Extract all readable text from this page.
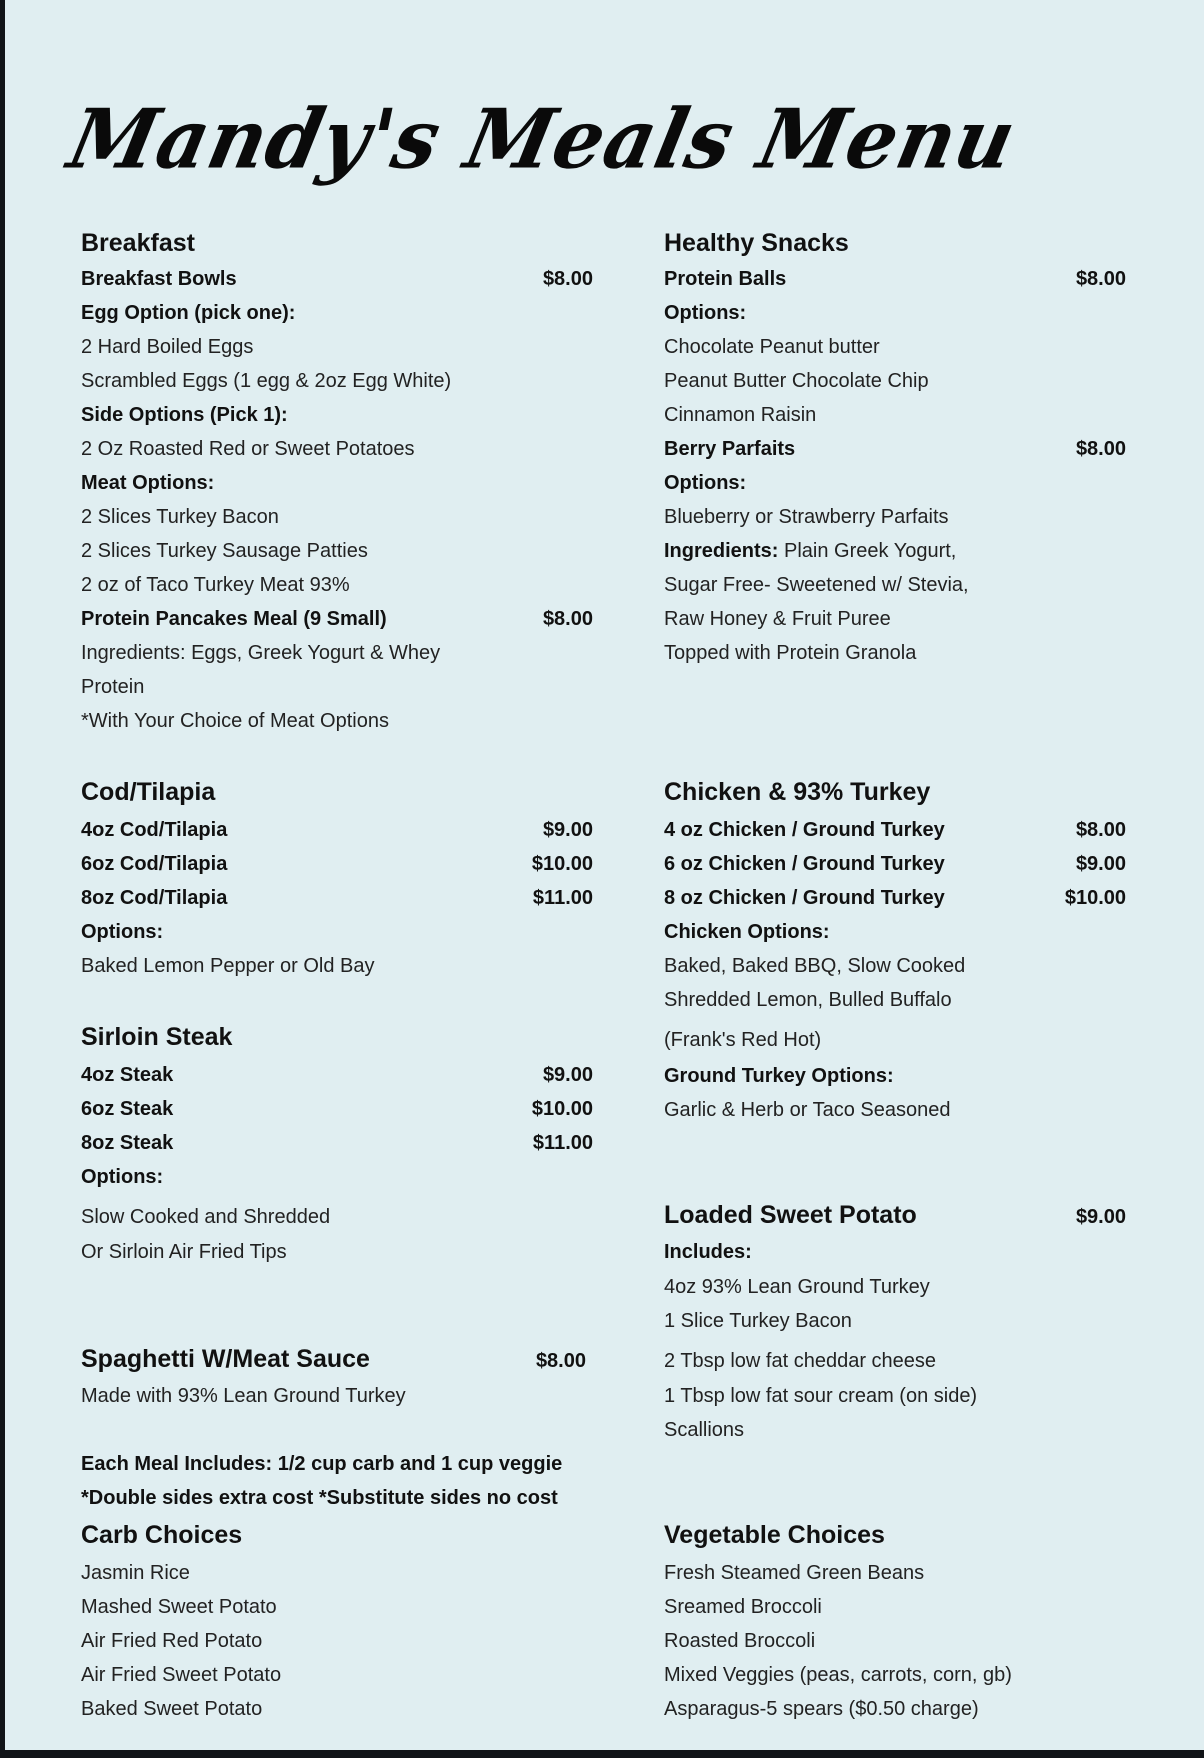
Mandy's Meals Menu
Breakfast
Breakfast Bowls	$8.00
Egg Option (pick one):
2 Hard Boiled Eggs
Scrambled Eggs (1 egg & 2oz Egg White)
Side Options (Pick 1):
2 Oz Roasted Red or Sweet Potatoes
Meat Options:
2 Slices Turkey Bacon
2 Slices Turkey Sausage Patties
2 oz of Taco Turkey Meat 93%
Protein Pancakes Meal (9 Small)	$8.00
Ingredients: Eggs, Greek Yogurt & Whey
Protein
*With Your Choice of Meat Options
Healthy Snacks
Protein Balls	$8.00
Options:
Chocolate Peanut butter
Peanut Butter Chocolate Chip
Cinnamon Raisin
Berry Parfaits	$8.00
Options:
Blueberry or Strawberry Parfaits
Ingredients: Plain Greek Yogurt,
Sugar Free- Sweetened w/ Stevia,
Raw Honey & Fruit Puree
Topped with Protein Granola
Cod/Tilapia
4oz Cod/Tilapia	$9.00
6oz Cod/Tilapia	$10.00
8oz Cod/Tilapia	$11.00
Options:
Baked Lemon Pepper or Old Bay
Chicken & 93% Turkey
4 oz Chicken / Ground Turkey	$8.00
6 oz Chicken / Ground Turkey	$9.00
8 oz Chicken / Ground Turkey	$10.00
Chicken Options:
Baked, Baked BBQ, Slow Cooked
Shredded Lemon, Bulled Buffalo
(Frank's Red Hot)
Ground Turkey Options:
Garlic & Herb or Taco Seasoned
Sirloin Steak
4oz Steak	$9.00
6oz Steak	$10.00
8oz Steak	$11.00
Options:
Slow Cooked and Shredded
Or Sirloin Air Fried Tips
Loaded Sweet Potato	$9.00
Includes:
4oz 93% Lean Ground Turkey
1 Slice Turkey Bacon
2 Tbsp low fat cheddar cheese
1 Tbsp low fat sour cream (on side)
Scallions
Spaghetti W/Meat Sauce	$8.00
Made with 93% Lean Ground Turkey
Each Meal Includes: 1/2 cup carb and 1 cup veggie
*Double sides extra cost *Substitute sides no cost
Carb Choices
Jasmin Rice
Mashed Sweet Potato
Air Fried Red Potato
Air Fried Sweet Potato
Baked Sweet Potato
Vegetable Choices
Fresh Steamed Green Beans
Sreamed Broccoli
Roasted Broccoli
Mixed Veggies (peas, carrots, corn, gb)
Asparagus-5 spears ($0.50 charge)
